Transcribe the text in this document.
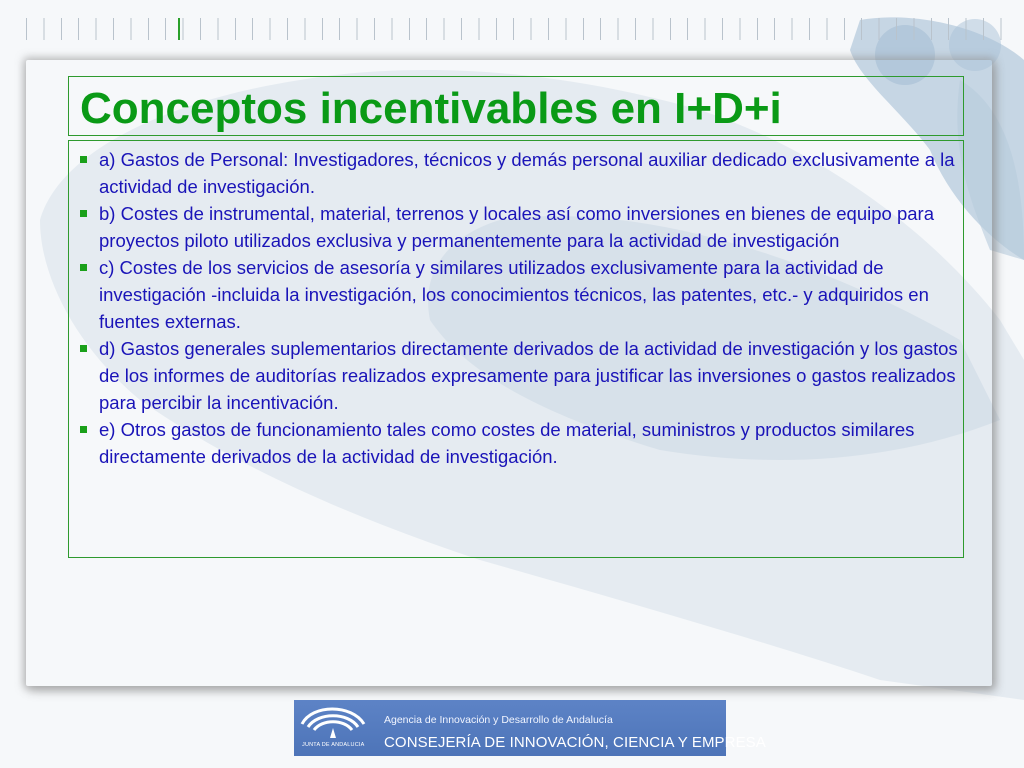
Conceptos incentivables en I+D+i
a) Gastos de Personal: Investigadores, técnicos y demás personal auxiliar dedicado exclusivamente a la actividad de investigación.
b) Costes de instrumental, material, terrenos y locales así como inversiones en bienes de equipo para proyectos piloto utilizados exclusiva y permanentemente para la actividad de investigación
c) Costes de los servicios de asesoría y similares utilizados exclusivamente para la actividad de investigación -incluida la investigación, los conocimientos técnicos, las patentes, etc.- y adquiridos en fuentes externas.
d) Gastos generales suplementarios directamente derivados de la actividad de investigación y los gastos de los informes de auditorías realizados expresamente para justificar las inversiones o gastos realizados para percibir la incentivación.
e) Otros gastos de funcionamiento tales como costes de material, suministros y productos similares directamente derivados de la actividad de investigación.
JUNTA DE ANDALUCIA
Agencia de Innovación y Desarrollo de Andalucía
CONSEJERÍA DE INNOVACIÓN, CIENCIA Y EMPRESA
